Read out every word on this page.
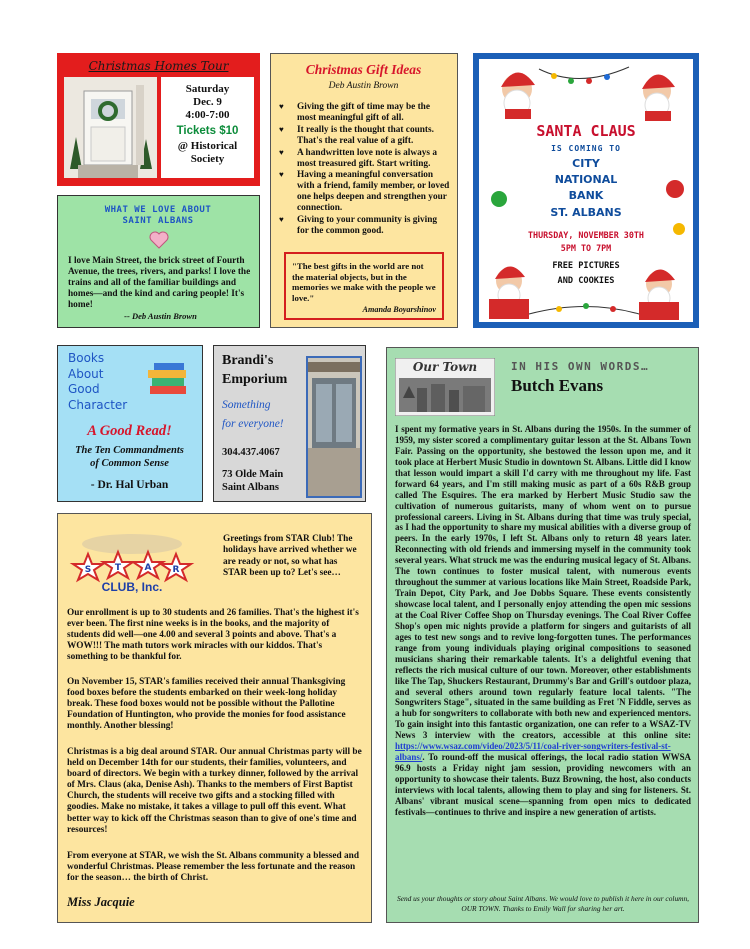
Christmas Homes Tour
Saturday
Dec. 9
4:00-7:00
Tickets $10
@ Historical
Society
WHAT WE LOVE ABOUT
SAINT ALBANS
I love Main Street, the brick street of Fourth Avenue, the trees, rivers, and parks! I love the trains and all of the familiar buildings and homes—and the kind and caring people! It's home!
-- Deb Austin Brown
Christmas Gift Ideas
Deb Austin Brown
♥ Giving the gift of time may be the most meaningful gift of all.
♥ It really is the thought that counts. That's the real value of a gift.
♥ A handwritten love note is always a most treasured gift. Start writing.
♥ Having a meaningful conversation with a friend, family member, or loved one helps deepen and strengthen your connection.
♥ Giving to your community is giving for the common good.
"The best gifts in the world are not the material objects, but in the memories we make with the people we love."
Amanda Boyarshinov
SANTA CLAUS
IS COMING TO
CITY
NATIONAL
BANK
ST. ALBANS
THURSDAY, NOVEMBER 30TH
5PM TO 7PM
FREE PICTURES
AND COOKIES
Books
About
Good
Character
A Good Read!
The Ten Commandments
of Common Sense
- Dr. Hal Urban
Brandi's
Emporium
Something
for everyone!
304.437.4067
73 Olde Main
Saint Albans
S	T	A R
CLUB, Inc.
Greetings from STAR Club! The holidays have arrived whether we are ready or not, so what has STAR been up to? Let's see…
Our enrollment is up to 30 students and 26 families. That's the highest it's ever been. The first nine weeks is in the books, and the majority of students did well—one 4.00 and several 3 points and above. That's a WOW!!! The math tutors work miracles with our kiddos. That's something to be thankful for.
On November 15, STAR's families received their annual Thanksgiving food boxes before the students embarked on their week-long holiday break. These food boxes would not be possible without the Pallotine Foundation of Huntington, who provide the monies for food assistance monthly. Another blessing!
Christmas is a big deal around STAR. Our annual Christmas party will be held on December 14th for our students, their families, volunteers, and board of directors. We begin with a turkey dinner, followed by the arrival of Mrs. Claus (aka, Denise Ash). Thanks to the members of First Baptist Church, the students will receive two gifts and a stocking filled with goodies. Make no mistake, it takes a village to pull off this event. What better way to kick off the Christmas season than to give of one's time and resources!
From everyone at STAR, we wish the St. Albans community a blessed and wonderful Christmas. Please remember the less fortunate and the reason for the season… the birth of Christ.
Miss Jacquie
Our Town	IN HIS OWN WORDS…
Butch Evans
I spent my formative years in St. Albans during the 1950s. In the summer of 1959, my sister scored a complimentary guitar lesson at the St. Albans Town Fair. Passing on the opportunity, she bestowed the lesson upon me, and it took place at Herbert Music Studio in downtown St. Albans. Little did I know that lesson would impart a skill I'd carry with me throughout my life. Fast forward 64 years, and I'm still making music as part of a 60s R&B group called The Esquires. The era marked by Herbert Music Studio saw the cultivation of numerous guitarists, many of whom went on to pursue professional careers. Living in St. Albans during that time was truly special, as I had the opportunity to share my musical abilities with a diverse group of peers. In the early 1970s, I left St. Albans only to return 48 years later. Reconnecting with old friends and immersing myself in the community took several years. What struck me was the enduring musical legacy of St. Albans. The town continues to foster musical talent, with numerous events throughout the summer at various locations like Main Street, Roadside Park, Train Depot, City Park, and Joe Dobbs Square. These events consistently showcase local talent, and I personally enjoy attending the open mic sessions at the Coal River Coffee Shop on Thursday evenings. The Coal River Coffee Shop's open mic nights provide a platform for singers and guitarists of all ages to test new songs and to revive long-forgotten tunes. The performances range from young individuals playing original compositions to seasoned musicians sharing their remarkable talents. It's a delightful evening that reflects the rich musical culture of our town. Moreover, other establishments like The Tap, Shuckers Restaurant, Drummy's Bar and Grill's outdoor plaza, and several others around town regularly feature local talents. "The Songwriters Stage", situated in the same building as Fret 'N Fiddle, serves as a hub for songwriters to collaborate with both new and experienced mentors. To gain insight into this fantastic organization, one can refer to a WSAZ-TV News 3 interview with the creators, accessible at this online site: https://www.wsaz.com/video/2023/5/11/coal-river-songwriters-festival-st-albans/. To round-off the musical offerings, the local radio station WWSA 96.9 hosts a Friday night jam session, providing newcomers with an opportunity to showcase their talents. Buzz Browning, the host, also conducts interviews with local talents, allowing them to play and sing for listeners. St. Albans' vibrant musical scene—spanning from open mics to dedicated festivals—continues to thrive and inspire a new generation of artists.
Send us your thoughts or story about Saint Albans. We would love to publish it here in our column, OUR TOWN. Thanks to Emily Wall for sharing her art.
